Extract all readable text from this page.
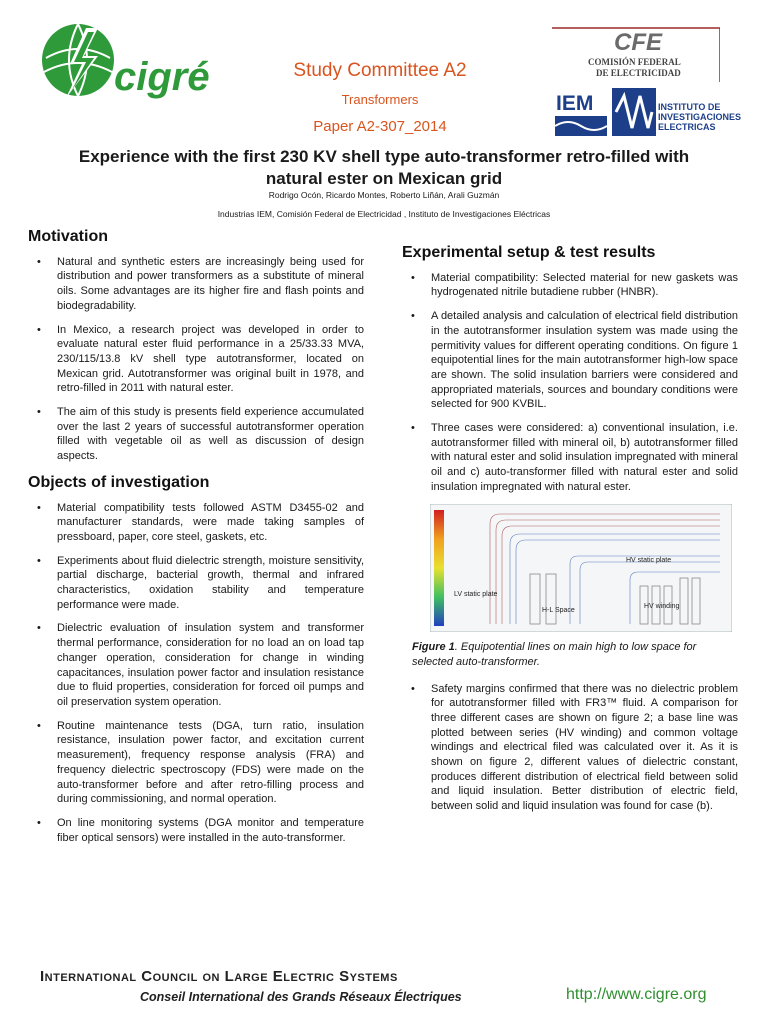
cigré	Study Committee A2
Transformers
Paper A2-307_2014
CFE
COMISIÓN FEDERAL
DE ELECTRICIDAD
IEM	INSTITUTO DE
INVESTIGACIONES
ELECTRICAS
Experience with the first 230 KV shell type auto-transformer retro-filled with natural ester on Mexican grid
Rodrigo Ocón, Ricardo Montes, Roberto Liñán, Arali Guzmán
Industrias IEM, Comisión Federal de Electricidad , Instituto de Investigaciones Eléctricas
Motivation
• Natural and synthetic esters are increasingly being used for distribution and power transformers as a substitute of mineral oils. Some advantages are its higher fire and flash points and biodegradability.
• In Mexico, a research project was developed in order to evaluate natural ester fluid performance in a 25/33.33 MVA, 230/115/13.8 kV shell type autotransformer, located on Mexican grid. Autotransformer was original built in 1978, and retro-filled in 2011 with natural ester.
• The aim of this study is presents field experience accumulated over the last 2 years of successful autotransformer operation filled with vegetable oil as well as discussion of design aspects.
Objects of investigation
• Material compatibility tests followed ASTM D3455-02 and manufacturer standards, were made taking samples of pressboard, paper, core steel, gaskets, etc.
• Experiments about fluid dielectric strength, moisture sensitivity, partial discharge, bacterial growth, thermal and infrared characteristics, oxidation stability and temperature performance were made.
• Dielectric evaluation of insulation system and transformer thermal performance, consideration for no load an on load tap changer operation, consideration for change in winding capacitances, insulation power factor and insulation resistance due to fluid properties, consideration for forced oil pumps and oil preservation system operation.
• Routine maintenance tests (DGA, turn ratio, insulation resistance, insulation power factor, and excitation current measurement), frequency response analysis (FRA) and frequency dielectric spectroscopy (FDS) were made on the auto-transformer before and after retro-filling process and during commissioning, and normal operation.
• On line monitoring systems (DGA monitor and temperature fiber optical sensors) were installed in the auto-transformer.
Experimental setup & test results
• Material compatibility: Selected material for new gaskets was hydrogenated nitrile butadiene rubber (HNBR).
• A detailed analysis and calculation of electrical field distribution in the autotransformer insulation system was made using the permitivity values for different operating conditions. On figure 1 equipotential lines for the main autotransformer high-low space are shown. The solid insulation barriers were considered and appropriated materials, sources and boundary conditions were selected for 900 KVBIL.
• Three cases were considered: a) conventional insulation, i.e. autotransformer filled with mineral oil, b) autotransformer filled with natural ester and solid insulation impregnated with mineral oil and c) auto-transformer filled with natural ester and solid insulation impregnated with natural ester.
HV static plate
LV static plate
H-L Space
HV winding
Figure 1. Equipotential lines on main high to low space for selected auto-transformer.
• Safety margins confirmed that there was no dielectric problem for autotransformer filled with FR3™ fluid. A comparison for three different cases are shown on figure 2; a base line was plotted between series (HV winding) and common voltage windings and electrical filed was calculated over it. As it is shown on figure 2, different values of dielectric constant, produces different distribution of electrical field between solid and liquid insulation. Better distribution of electric field, between solid and liquid insulation was found for case (b).
International Council on Large Electric Systems
Conseil International des Grands Réseaux Électriques	http://www.cigre.org
